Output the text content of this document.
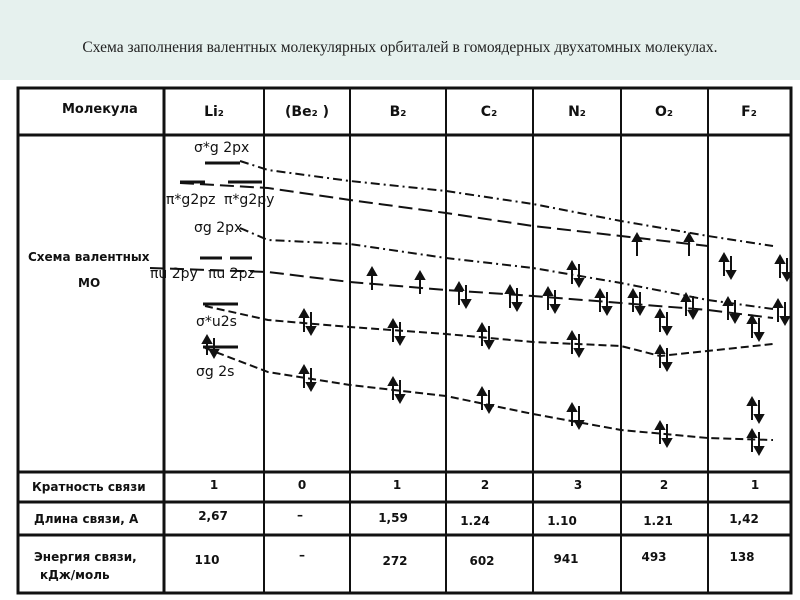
Схема заполнения валентных молекулярных орбиталей в гомоядерных двухатомных молекулах.
Молекула	Li₂	(Be₂ )	B₂	C₂	N₂	O₂	F₂
Схема валентных
МО
σ*g 2px
π*g2pz π*g2py
σg 2px
πu 2py πu 2pz
σ*u2s
σg 2s
Кратность связи	1	0	1	2	3	2	1
Длина связи, А	2,67	–	1,59	1.24	1.10	1.21	1,42
Энергия связи,
кДж/моль
110	–	272	602	941	493	138
